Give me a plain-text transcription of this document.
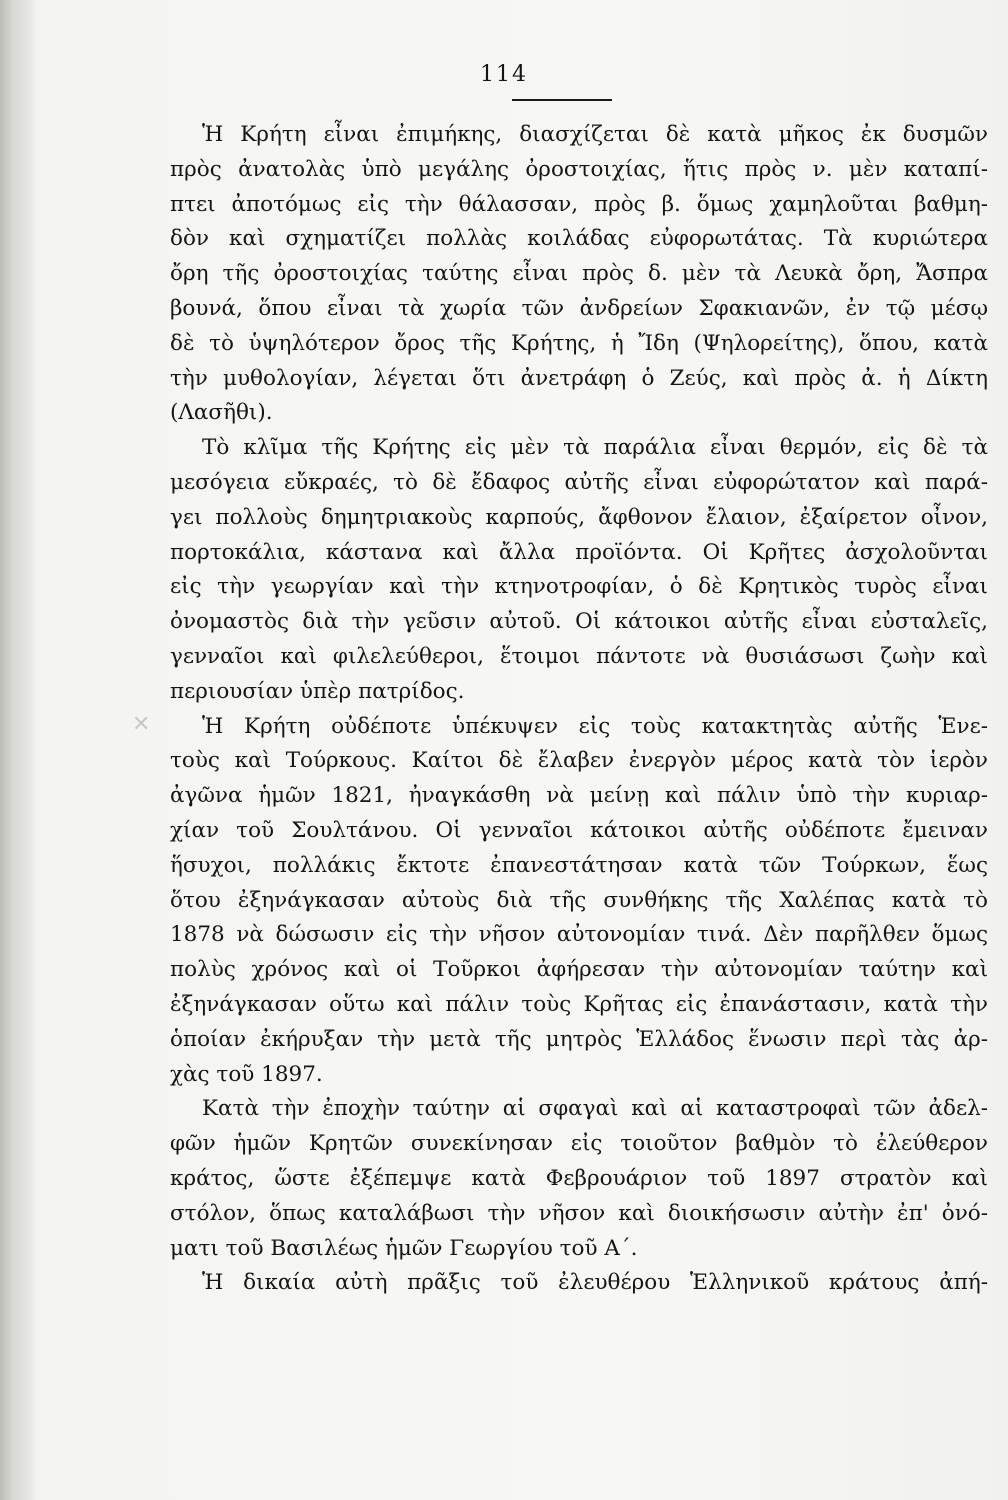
114
✕
Ἡ Κρήτη εἶναι ἐπιμήκης, διασχίζεται δὲ κατὰ μῆκος ἐκ δυσμῶν
πρὸς ἀνατολὰς ὑπὸ μεγάλης ὀροστοιχίας, ἥτις πρὸς ν. μὲν καταπί-
πτει ἀποτόμως εἰς τὴν θάλασσαν, πρὸς β. ὅμως χαμηλοῦται βαθμη-
δὸν καὶ σχηματίζει πολλὰς κοιλάδας εὐφορωτάτας. Τὰ κυριώτερα
ὄρη τῆς ὀροστοιχίας ταύτης εἶναι πρὸς δ. μὲν τὰ Λευκὰ ὄρη, Ἄσπρα
βουνά, ὅπου εἶναι τὰ χωρία τῶν ἀνδρείων Σφακιανῶν, ἐν τῷ μέσῳ
δὲ τὸ ὑψηλότερον ὄρος τῆς Κρήτης, ἡ Ἴδη (Ψηλορείτης), ὅπου, κατὰ
τὴν μυθολογίαν, λέγεται ὅτι ἀνετράφη ὁ Ζεύς, καὶ πρὸς ἀ. ἡ Δίκτη
(Λασῆθι).
Τὸ κλῖμα τῆς Κρήτης εἰς μὲν τὰ παράλια εἶναι θερμόν, εἰς δὲ τὰ
μεσόγεια εὔκραές, τὸ δὲ ἔδαφος αὐτῆς εἶναι εὐφορώτατον καὶ παρά-
γει πολλοὺς δημητριακοὺς καρπούς, ἄφθονον ἔλαιον, ἐξαίρετον οἶνον,
πορτοκάλια, κάστανα καὶ ἄλλα προϊόντα. Οἱ Κρῆτες ἀσχολοῦνται
εἰς τὴν γεωργίαν καὶ τὴν κτηνοτροφίαν, ὁ δὲ Κρητικὸς τυρὸς εἶναι
ὀνομαστὸς διὰ τὴν γεῦσιν αὐτοῦ. Οἱ κάτοικοι αὐτῆς εἶναι εὐσταλεῖς,
γενναῖοι καὶ φιλελεύθεροι, ἕτοιμοι πάντοτε νὰ θυσιάσωσι ζωὴν καὶ
περιουσίαν ὑπὲρ πατρίδος.
Ἡ Κρήτη οὐδέποτε ὑπέκυψεν εἰς τοὺς κατακτητὰς αὐτῆς Ἑνε-
τοὺς καὶ Τούρκους. Καίτοι δὲ ἔλαβεν ἐνεργὸν μέρος κατὰ τὸν ἱερὸν
ἀγῶνα ἡμῶν 1821, ἠναγκάσθη νὰ μείνῃ καὶ πάλιν ὑπὸ τὴν κυριαρ-
χίαν τοῦ Σουλτάνου. Οἱ γενναῖοι κάτοικοι αὐτῆς οὐδέποτε ἔμειναν
ἥσυχοι, πολλάκις ἔκτοτε ἐπανεστάτησαν κατὰ τῶν Τούρκων, ἕως
ὅτου ἐξηνάγκασαν αὐτοὺς διὰ τῆς συνθήκης τῆς Χαλέπας κατὰ τὸ
1878 νὰ δώσωσιν εἰς τὴν νῆσον αὐτονομίαν τινά. Δὲν παρῆλθεν ὅμως
πολὺς χρόνος καὶ οἱ Τοῦρκοι ἀφήρεσαν τὴν αὐτονομίαν ταύτην καὶ
ἐξηνάγκασαν οὕτω καὶ πάλιν τοὺς Κρῆτας εἰς ἐπανάστασιν, κατὰ τὴν
ὁποίαν ἐκήρυξαν τὴν μετὰ τῆς μητρὸς Ἑλλάδος ἕνωσιν περὶ τὰς ἀρ-
χὰς τοῦ 1897.
Κατὰ τὴν ἐποχὴν ταύτην αἱ σφαγαὶ καὶ αἱ καταστροφαὶ τῶν ἀδελ-
φῶν ἡμῶν Κρητῶν συνεκίνησαν εἰς τοιοῦτον βαθμὸν τὸ ἐλεύθερον
κράτος, ὥστε ἐξέπεμψε κατὰ Φεβρουάριον τοῦ 1897 στρατὸν καὶ
στόλον, ὅπως καταλάβωσι τὴν νῆσον καὶ διοικήσωσιν αὐτὴν ἐπ' ὀνό-
ματι τοῦ Βασιλέως ἡμῶν Γεωργίου τοῦ Α΄.
Ἡ δικαία αὐτὴ πρᾶξις τοῦ ἐλευθέρου Ἑλληνικοῦ κράτους ἀπή-
